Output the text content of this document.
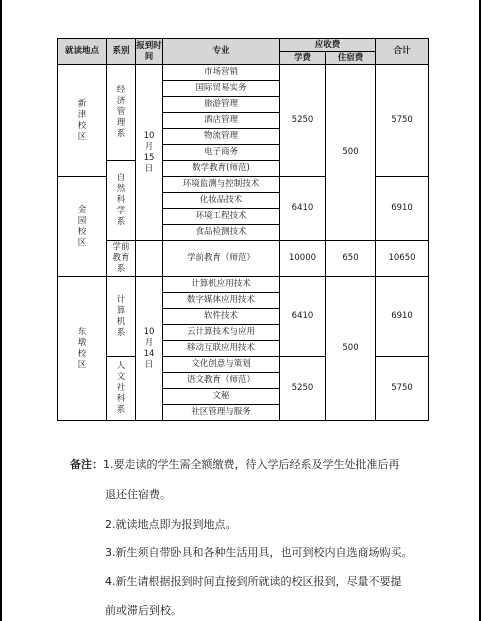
就读地点	系别	报到时间	专业	应收费		合计
				学费	住宿费	
新津校区	经济管理系	10月15日	市场营销	5250	500	5750
			国际贸易实务			
			旅游管理			
			酒店管理			
			物流管理			
			电子商务			
	自然科学系		数学教育(师范)			
金园校区			环境监测与控制技术	6410		6910
			化妆品技术			
			环境工程技术			
			食品检测技术			
	学前教育系		学前教育（师范）	10000	650	10650
东墩校区	计算机系	10月14日	计算机应用技术	6410	500	6910
			数字媒体应用技术			
			软件技术			
			云计算技术与应用			
			移动互联应用技术			
	人文社科系		文化创意与策划	5250		5750
			语文教育（师范）			
			文秘			
			社区管理与服务			
备注：1.要走读的学生需全额缴费，待入学后经系及学生处批准后再
退还住宿费。
2.就读地点即为报到地点。
3.新生须自带卧具和各种生活用具，也可到校内自选商场购买。
4.新生请根据报到时间直接到所就读的校区报到，尽量不要提
前或滞后到校。
